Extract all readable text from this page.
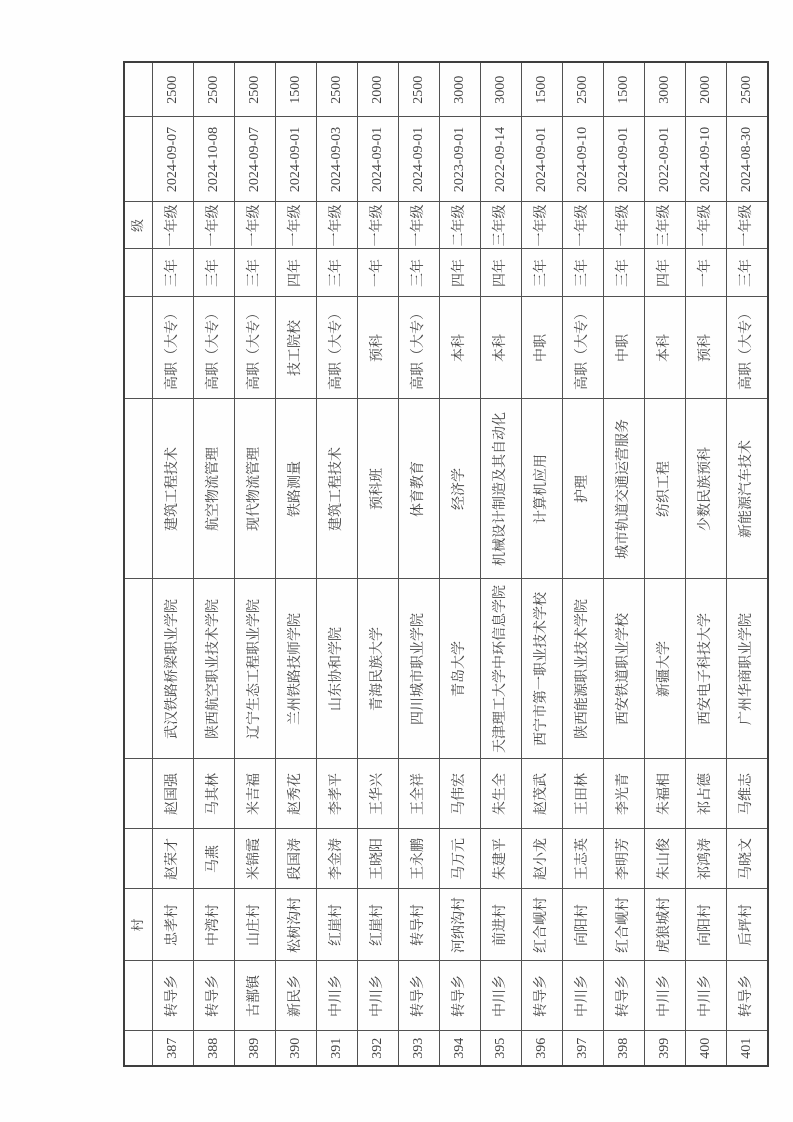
		村							级		
387	转导乡	忠孝村	赵荣才	赵国强	武汉铁路桥梁职业学院	建筑工程技术	高职（大专）	三年	一年级	2024-09-07	2500
388	转导乡	中湾村	马燕	马其林	陕西航空职业技术学院	航空物流管理	高职（大专）	三年	一年级	2024-10-08	2500
389	古鄯镇	山庄村	米锦霞	米吉福	辽宁生态工程职业学院	现代物流管理	高职（大专）	三年	一年级	2024-09-07	2500
390	新民乡	松树沟村	段国涛	赵秀花	兰州铁路技师学院	铁路测量	技工院校	四年	一年级	2024-09-01	1500
391	中川乡	红崖村	李金涛	李孝平	山东协和学院	建筑工程技术	高职（大专）	三年	一年级	2024-09-03	2500
392	中川乡	红崖村	王晓阳	王华兴	青海民族大学	预科班	预科	一年	一年级	2024-09-01	2000
393	转导乡	转导村	王永鹏	王全祥	四川城市职业学院	体育教育	高职（大专）	三年	一年级	2024-09-01	2500
394	转导乡	河纳沟村	马万元	马伟宏	青岛大学	经济学	本科	四年	二年级	2023-09-01	3000
395	中川乡	前进村	朱建平	朱生全	天津理工大学中环信息学院	机械设计制造及其自动化	本科	四年	三年级	2022-09-14	3000
396	转导乡	红合岘村	赵小龙	赵茂武	西宁市第一职业技术学校	计算机应用	中职	三年	一年级	2024-09-01	1500
397	中川乡	向阳村	王志英	王田林	陕西能源职业技术学院	护理	高职（大专）	三年	一年级	2024-09-10	2500
398	转导乡	红合岘村	李明芳	李光青	西安铁道职业学校	城市轨道交通运营服务	中职	三年	一年级	2024-09-01	1500
399	中川乡	虎狼城村	朱山俊	朱福相	新疆大学	纺织工程	本科	四年	三年级	2022-09-01	3000
400	中川乡	向阳村	祁鸿涛	祁占德	西安电子科技大学	少数民族预科	预科	一年	一年级	2024-09-10	2000
401	转导乡	后坪村	马晓文	马维志	广州华商职业学院	新能源汽车技术	高职（大专）	三年	一年级	2024-08-30	2500
